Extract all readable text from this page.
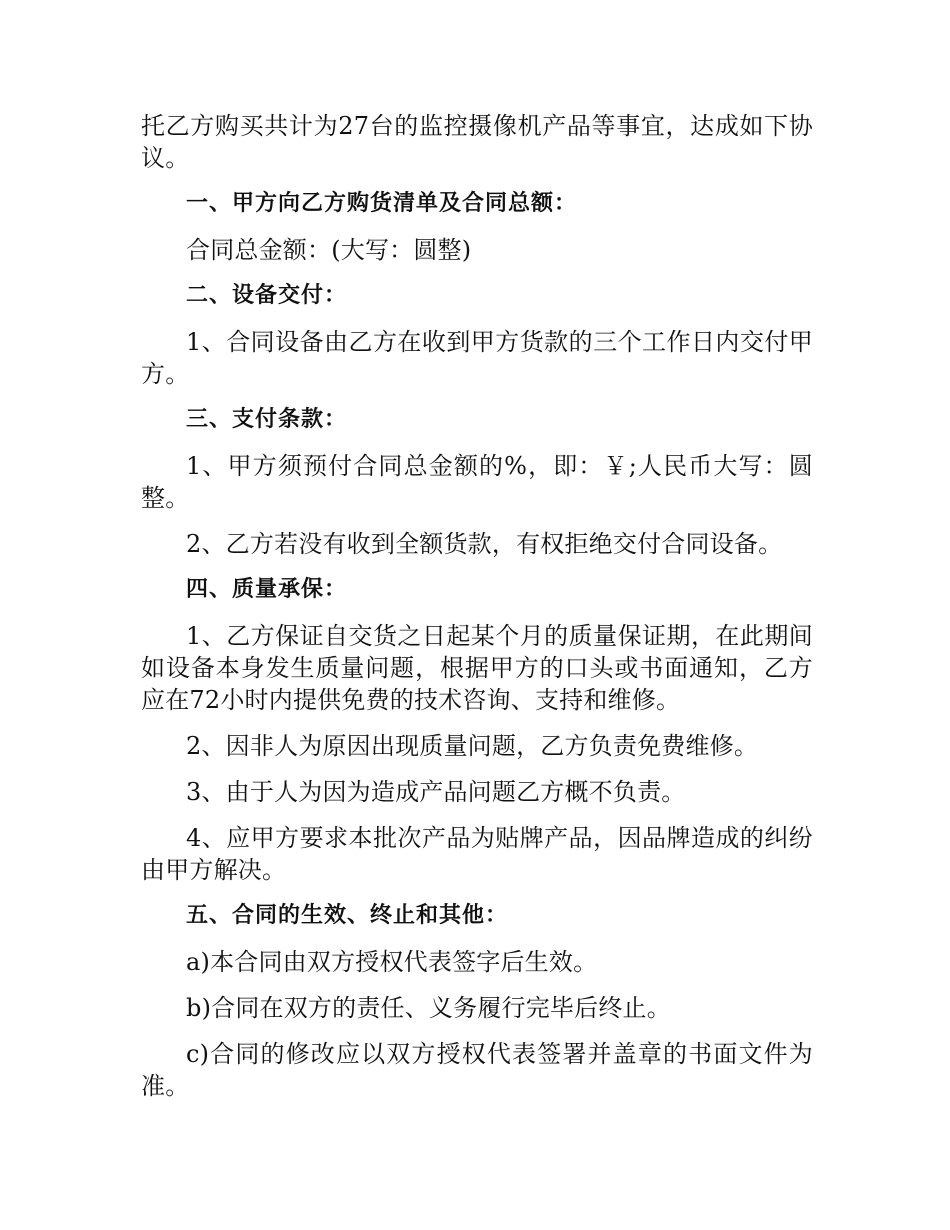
托乙方购买共计为27台的监控摄像机产品等事宜，达成如下协议。

一、甲方向乙方购货清单及合同总额：

合同总金额：(大写：圆整)

二、设备交付：

1、合同设备由乙方在收到甲方货款的三个工作日内交付甲方。

三、支付条款：

1、甲方须预付合同总金额的%，即：￥;人民币大写：圆整。

2、乙方若没有收到全额货款，有权拒绝交付合同设备。

四、质量承保：

1、乙方保证自交货之日起某个月的质量保证期，在此期间如设备本身发生质量问题，根据甲方的口头或书面通知，乙方应在72小时内提供免费的技术咨询、支持和维修。

2、因非人为原因出现质量问题，乙方负责免费维修。

3、由于人为因为造成产品问题乙方概不负责。

4、应甲方要求本批次产品为贴牌产品，因品牌造成的纠纷由甲方解决。

五、合同的生效、终止和其他：

a)本合同由双方授权代表签字后生效。

b)合同在双方的责任、义务履行完毕后终止。

c)合同的修改应以双方授权代表签署并盖章的书面文件为准。
